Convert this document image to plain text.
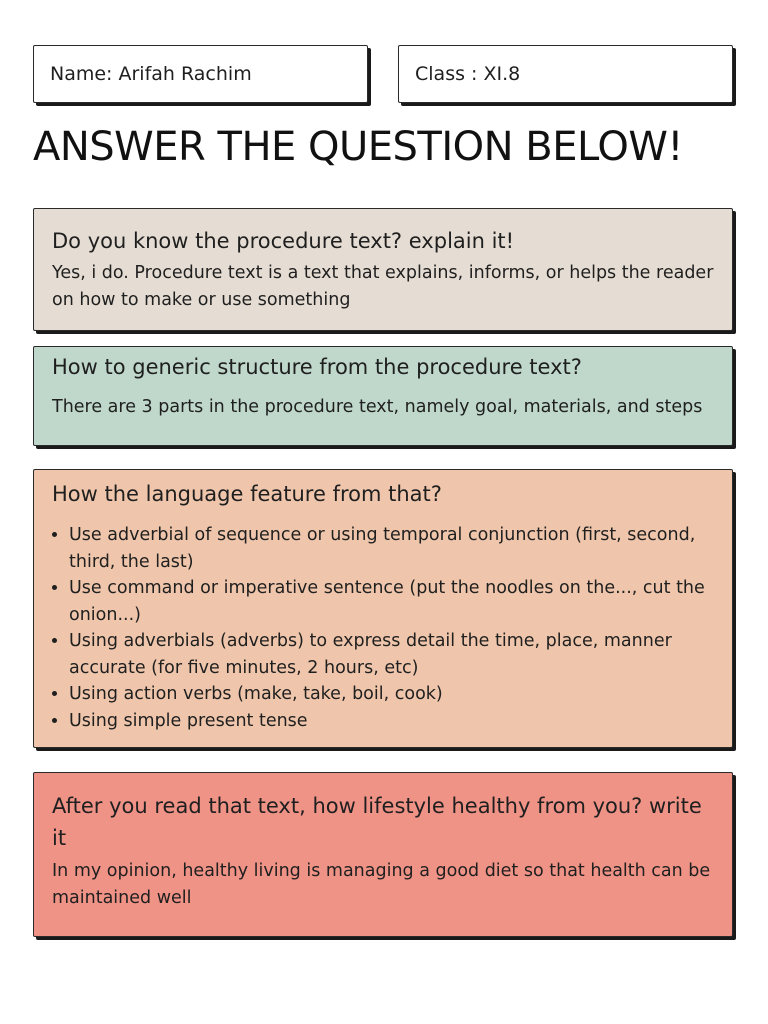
Name: Arifah Rachim	Class : XI.8
ANSWER THE QUESTION BELOW!
Do you know the procedure text? explain it!
Yes, i do. Procedure text is a text that explains, informs, or helps the reader on how to make or use something
How to generic structure from the procedure text?
There are 3 parts in the procedure text, namely goal, materials, and steps
How the language feature from that?
• Use adverbial of sequence or using temporal conjunction (first, second, third, the last)
• Use command or imperative sentence (put the noodles on the..., cut the onion...)
• Using adverbials (adverbs) to express detail the time, place, manner accurate (for five minutes, 2 hours, etc)
• Using action verbs (make, take, boil, cook)
• Using simple present tense
After you read that text, how lifestyle healthy from you? write it
In my opinion, healthy living is managing a good diet so that health can be maintained well
